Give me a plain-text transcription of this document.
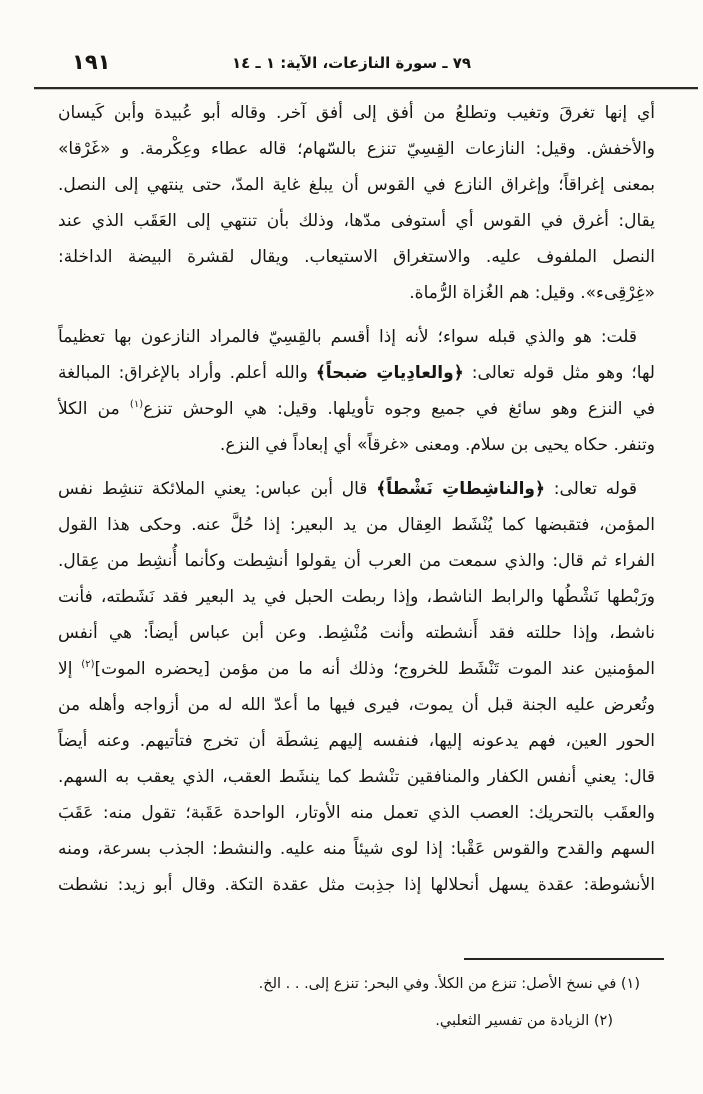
١٩١	٧٩ ـ سورة النازعات، الآية: ١ ـ ١٤
أي إنها تغرقَ وتغيب وتطلعُ من أفق إلى أفق آخر. وقاله أبو عُبيدة وأبن كَيسان
والأخفش. وقيل: النازعات القِسِيّ تنزع بالسّهام؛ قاله عطاء وعِكْرمة. و «غَرْقا»
بمعنى إغراقاً؛ وإغراق النازع في القوس أن يبلغ غاية المدّ، حتى ينتهي إلى النصل.
يقال: أغرق في القوس أي أستوفى مدّها، وذلك بأن تنتهي إلى العَقَب الذي عند
النصل الملفوف عليه. والاستغراق الاستيعاب. ويقال لقشرة البيضة الداخلة:
«غِرْقِىء». وقيل: هم الغُزاة الرُّماة.
قلت: هو والذي قبله سواء؛ لأنه إذا أقسم بالقِسِيّ فالمراد النازعون بها تعظيماً
لها؛ وهو مثل قوله تعالى: ﴿والعادِياتِ ضبحاً﴾ والله أعلم. وأراد بالإغراق: المبالغة
في النزع وهو سائغ في جميع وجوه تأويلها. وقيل: هي الوحش تنزع$^{(١)}$ من الكلأ
وتنفر. حكاه يحيى بن سلام. ومعنى «غرقاً» أي إبعاداً في النزع.
قوله تعالى: ﴿والناشِطاتِ نَشْطاً﴾ قال أبن عباس: يعني الملائكة تنشِط نفس
المؤمن، فتقبضها كما يُنْشَط العِقال من يد البعير: إذا حُلَّ عنه. وحكى هذا القول
الفراء ثم قال: والذي سمعت من العرب أن يقولوا أنشِطت وكأنما أُنشِط من عِقال.
ورَبْطها نَشْطُها والرابط الناشط، وإذا ربطت الحبل في يد البعير فقد نَشَطته، فأنت
ناشط، وإذا حللته فقد أَنشطته وأنت مُنْشِط. وعن أبن عباس أيضاً: هي أنفس
المؤمنين عند الموت تَنْشَط للخروج؛ وذلك أنه ما من مؤمن [يحضره الموت]$^{(٢)}$ إلا
وتُعرض عليه الجنة قبل أن يموت، فيرى فيها ما أعدّ الله له من أزواجه وأهله من
الحور العين، فهم يدعونه إليها، فنفسه إليهم نِشطَة أن تخرج فتأتيهم. وعنه أيضاً
قال: يعني أنفس الكفار والمنافقين تنْشط كما ينشَط العقب، الذي يعقب به السهم.
والعقَب بالتحريك: العصب الذي تعمل منه الأوتار، الواحدة عَقَبة؛ تقول منه: عَقَبَ
السهم والقدح والقوس عَقْبا: إذا لوى شيئاً منه عليه. والنشط: الجذب بسرعة، ومنه
الأنشوطة: عقدة يسهل أنحلالها إذا جذِبت مثل عقدة التكة. وقال أبو زيد: نشطت
(١) في نسخ الأصل: تنزع من الكلأ. وفي البحر: تنزع إلى. . . الخ.
(٢) الزيادة من تفسير الثعلبي.
